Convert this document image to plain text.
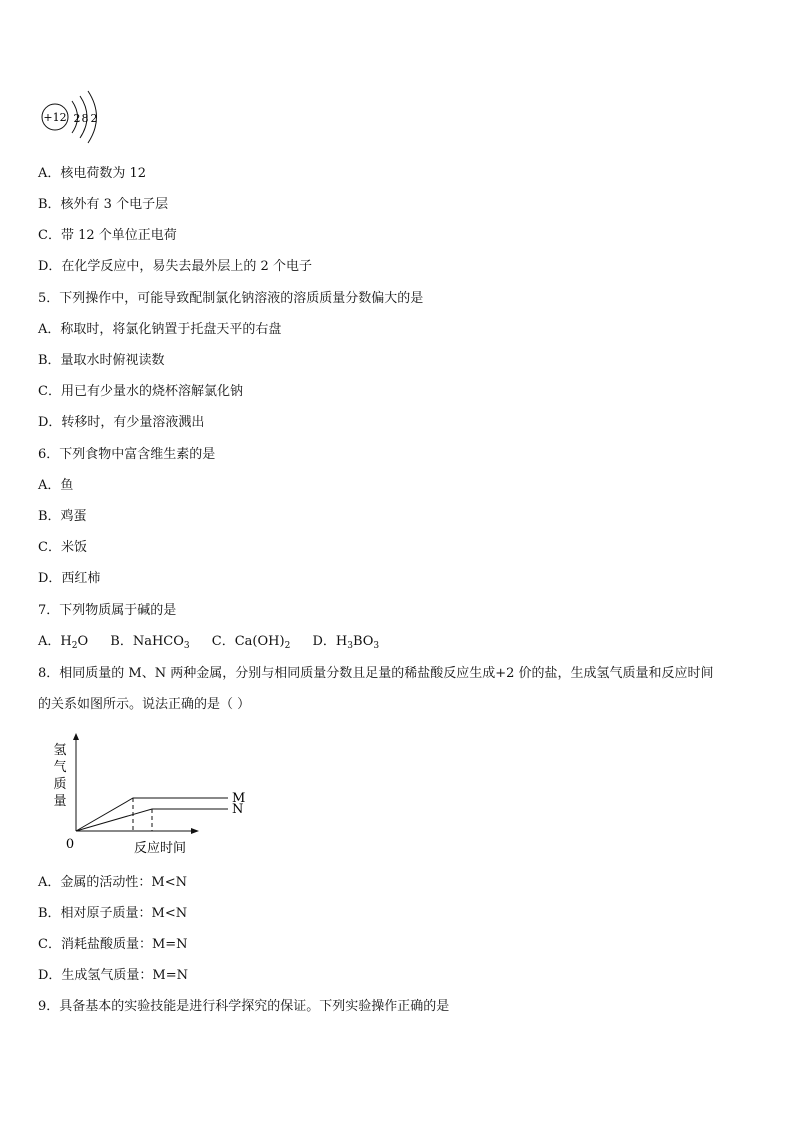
+12 2 8 2
A．核电荷数为 12
B．核外有 3 个电子层
C．带 12 个单位正电荷
D．在化学反应中，易失去最外层上的 2 个电子
5．下列操作中，可能导致配制氯化钠溶液的溶质质量分数偏大的是
A．称取时，将氯化钠置于托盘天平的右盘
B．量取水时俯视读数
C．用已有少量水的烧杯溶解氯化钠
D．转移时，有少量溶液溅出
6．下列食物中富含维生素的是
A．鱼
B．鸡蛋
C．米饭
D．西红柿
7．下列物质属于碱的是
A．$H_2O$ B．NaHCO$_3$ C．$Ca(OH)_2$ D．$H_3BO_3$
8．相同质量的 M、N 两种金属，分别与相同质量分数且足量的稀盐酸反应生成+2 价的盐，生成氢气质量和反应时间
的关系如图所示。说法正确的是（ ）
0	反应时间
氢
气
质
量	M
N
A．金属的活动性：M<N
B．相对原子质量：M<N
C．消耗盐酸质量：M=N
D．生成氢气质量：M=N
9．具备基本的实验技能是进行科学探究的保证。下列实验操作正确的是
